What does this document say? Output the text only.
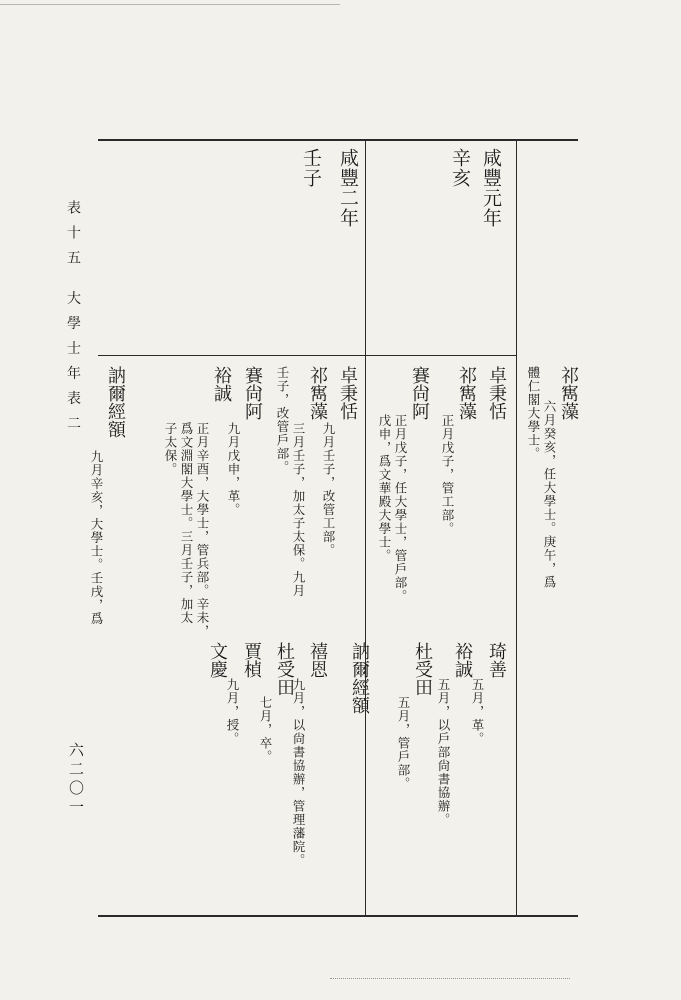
表十五 大學士年表二
六二〇一
咸豐元年
辛亥
咸豐二年
壬子
祁寯藻
六月癸亥，任大學士。庚午，爲
體仁閣大學士。
卓秉恬
祁寯藻
正月戊子，管工部。
賽尙阿
正月戊子，任大學士，管戶部。
戊申，爲文華殿大學士。
琦善
五月，革。
裕誠
五月，以戶部尙書協辦。
杜受田
五月，管戶部。
卓秉恬
九月壬子，改管工部。
祁寯藻
三月壬子，加太子太保。九月
壬子，改管戶部。
賽尙阿
九月戊申，革。
裕誠
正月辛酉，大學士，管兵部。辛未，
爲文淵閣大學士。三月壬子，加太
子太保。
訥爾經額
九月辛亥，大學士。壬戌，爲
訥爾經額
禧恩
九月，以尙書協辦，管理藩院。
杜受田
七月，卒。
賈楨
九月，授。
文慶
